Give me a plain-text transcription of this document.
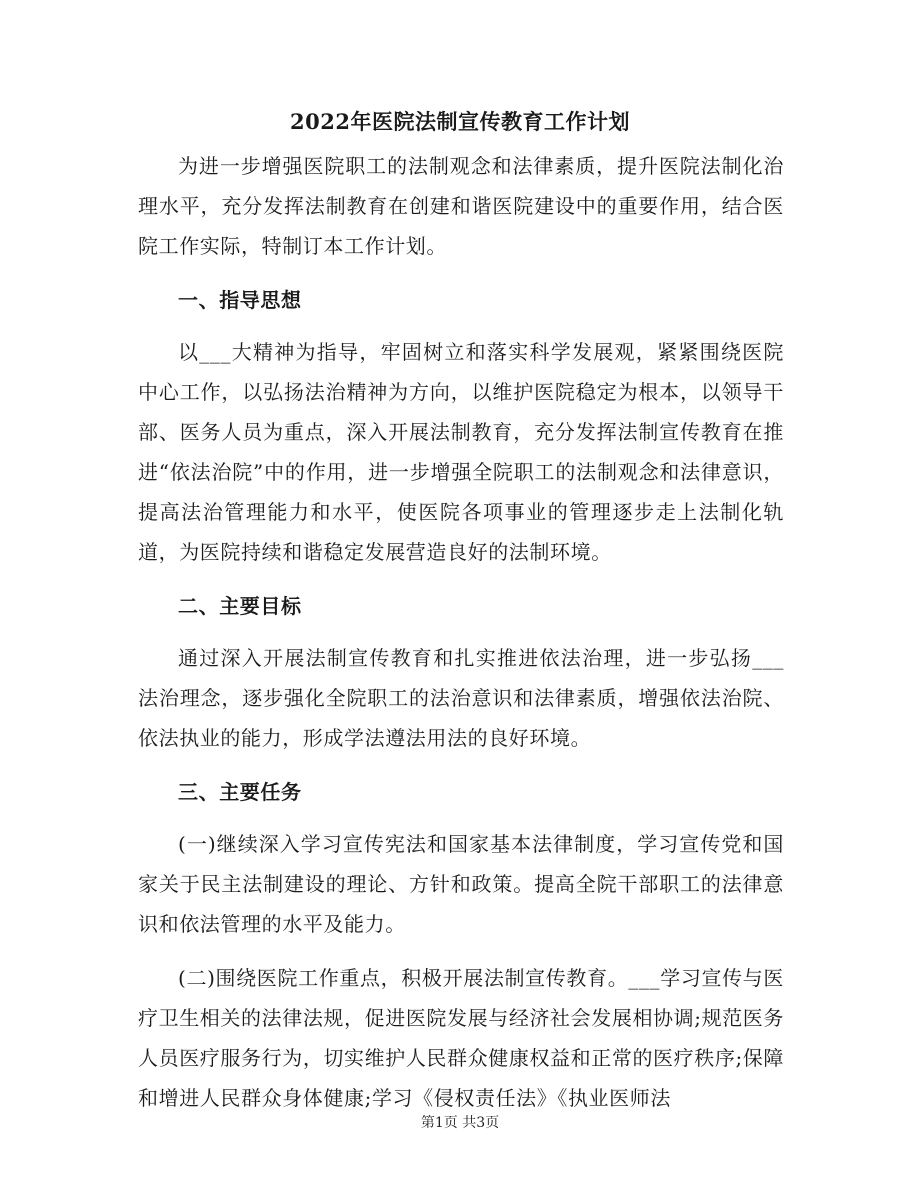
2022年医院法制宣传教育工作计划

为进一步增强医院职工的法制观念和法律素质，提升医院法制化治理水平，充分发挥法制教育在创建和谐医院建设中的重要作用，结合医院工作实际，特制订本工作计划。

一、指导思想

以___大精神为指导，牢固树立和落实科学发展观，紧紧围绕医院中心工作，以弘扬法治精神为方向，以维护医院稳定为根本，以领导干部、医务人员为重点，深入开展法制教育，充分发挥法制宣传教育在推进“依法治院”中的作用，进一步增强全院职工的法制观念和法律意识，提高法治管理能力和水平，使医院各项事业的管理逐步走上法制化轨道，为医院持续和谐稳定发展营造良好的法制环境。

二、主要目标

通过深入开展法制宣传教育和扎实推进依法治理，进一步弘扬___法治理念，逐步强化全院职工的法治意识和法律素质，增强依法治院、依法执业的能力，形成学法遵法用法的良好环境。

三、主要任务

(一)继续深入学习宣传宪法和国家基本法律制度，学习宣传党和国家关于民主法制建设的理论、方针和政策。提高全院干部职工的法律意识和依法管理的水平及能力。

(二)围绕医院工作重点，积极开展法制宣传教育。___学习宣传与医疗卫生相关的法律法规，促进医院发展与经济社会发展相协调;规范医务人员医疗服务行为，切实维护人民群众健康权益和正常的医疗秩序;保障和增进人民群众身体健康;学习《侵权责任法》《执业医师法

第1页 共3页
